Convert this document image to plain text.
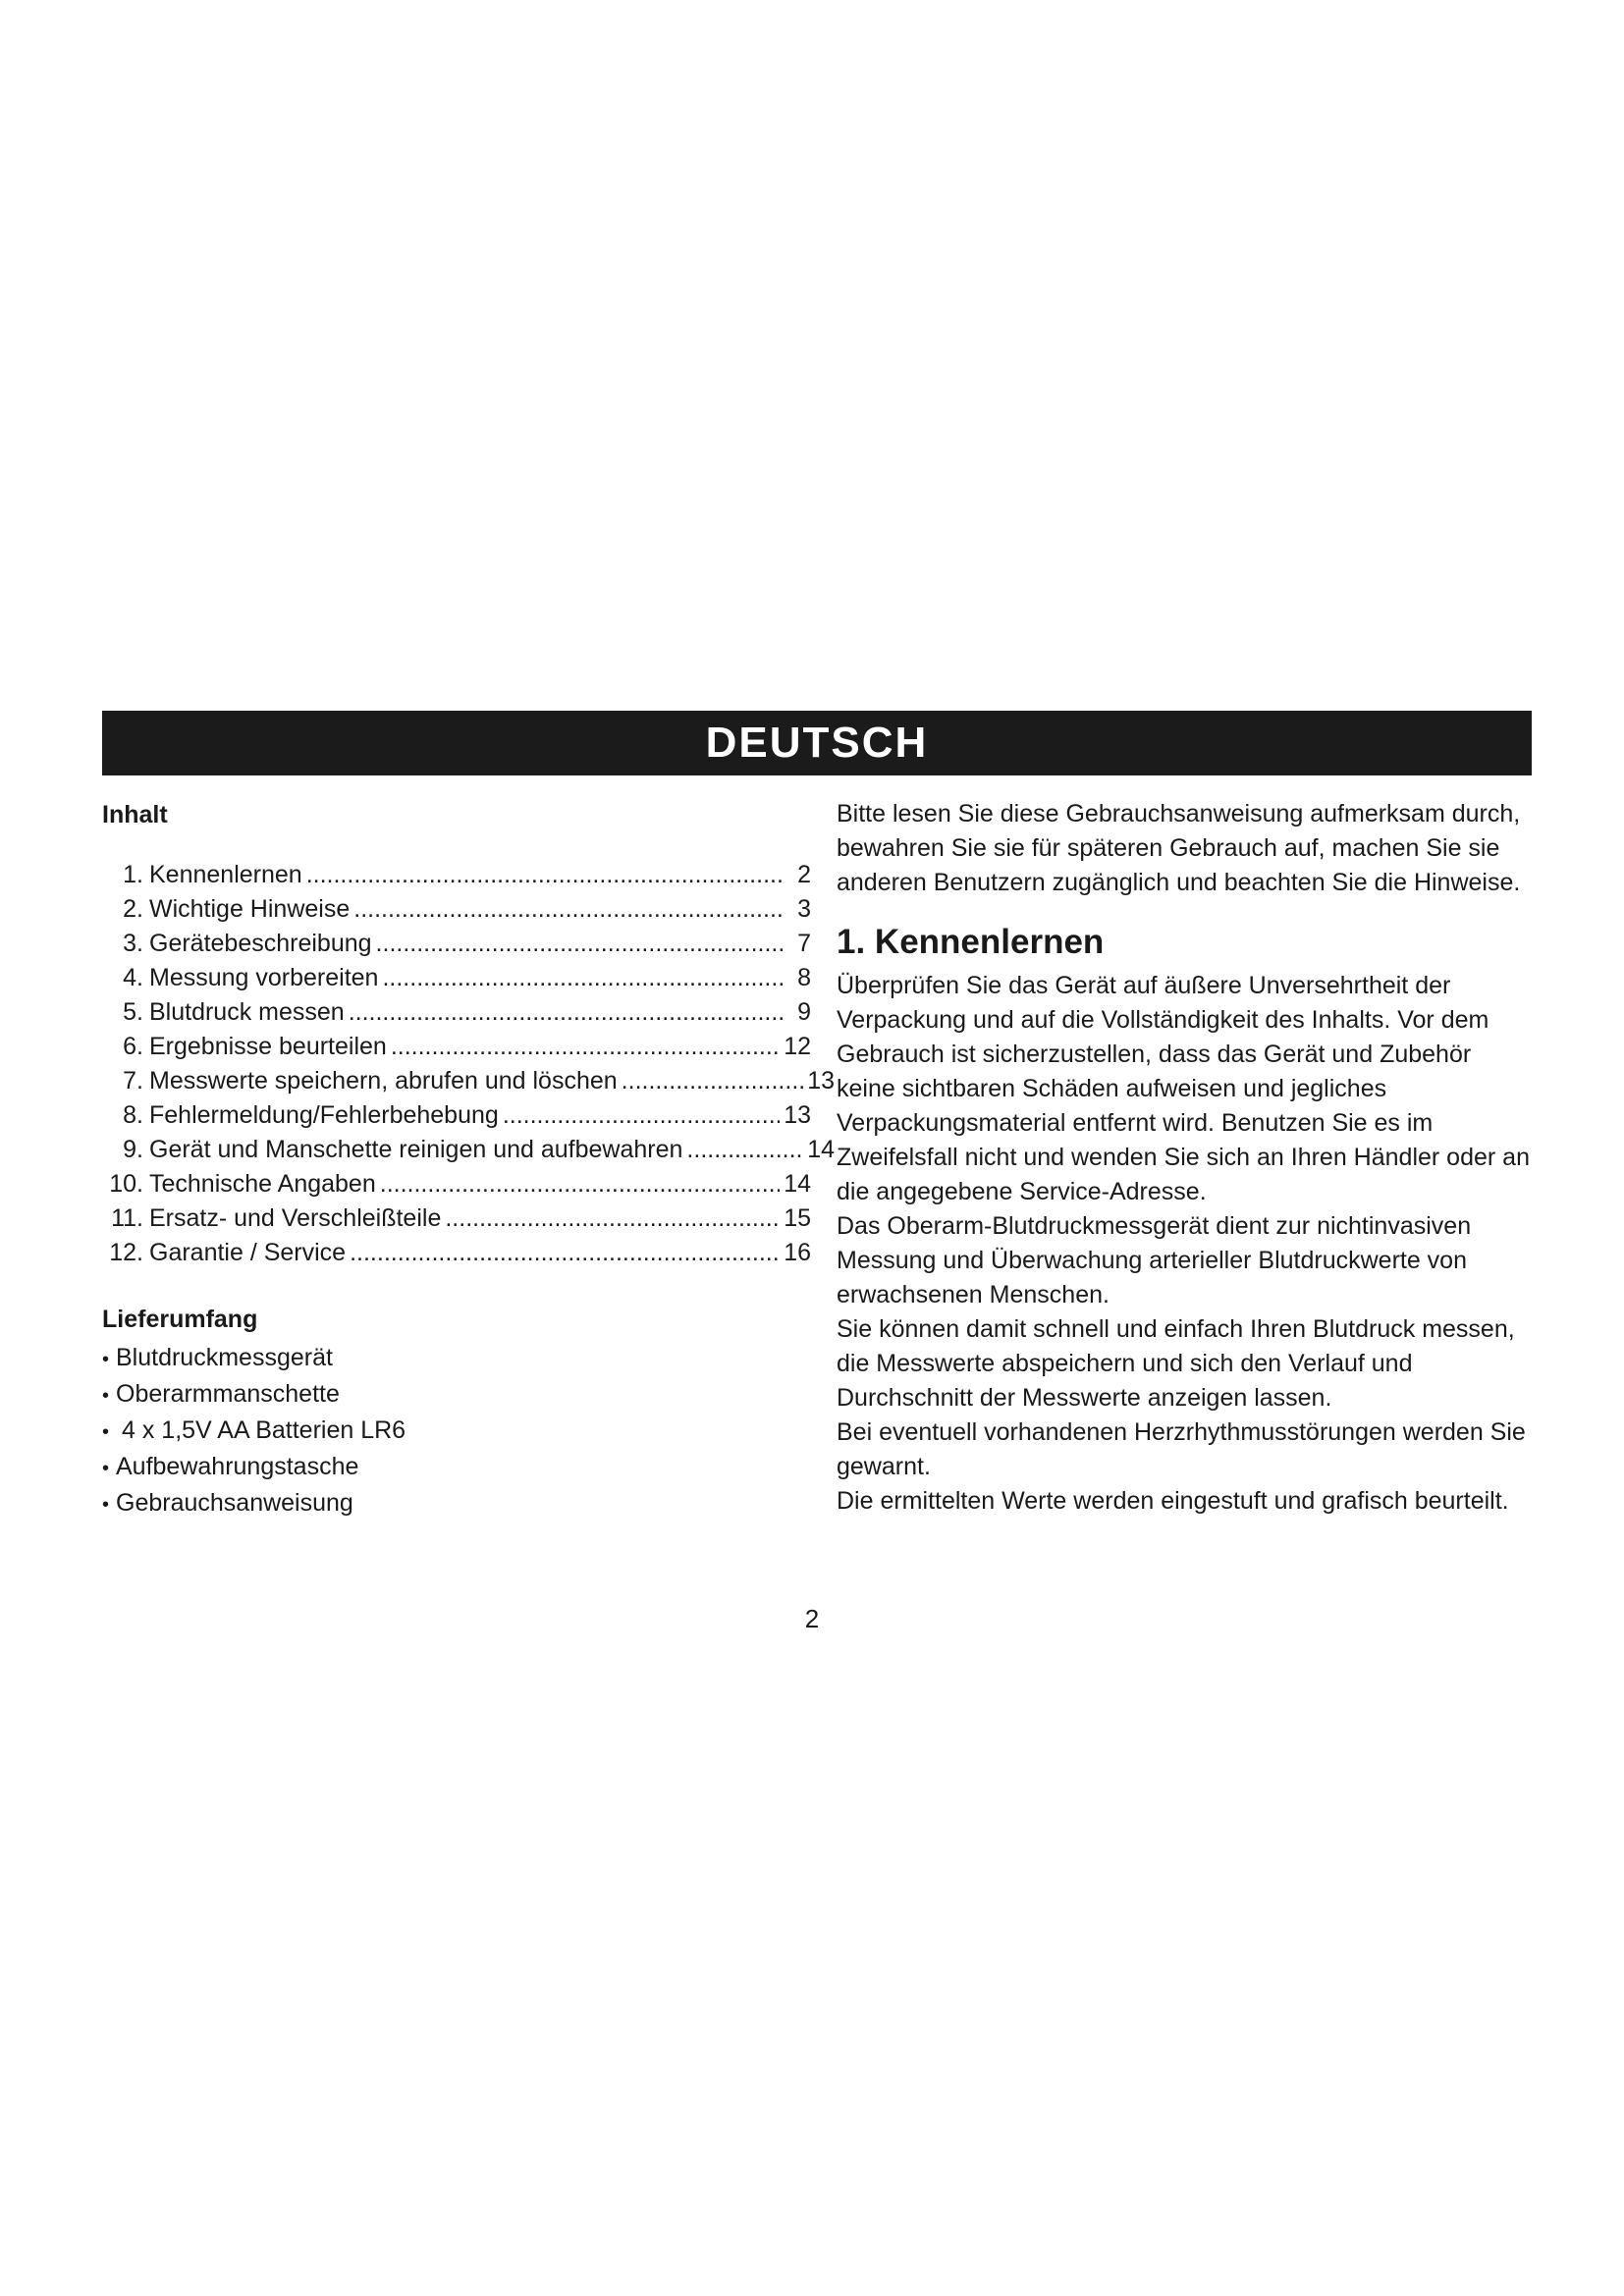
DEUTSCH
Inhalt
1. Kennenlernen .....	2
2. Wichtige Hinweise .....	3
3. Gerätebeschreibung .....	7
4. Messung vorbereiten .....	8
5. Blutdruck messen .....	9
6. Ergebnisse beurteilen .....	12
7. Messwerte speichern, abrufen und löschen .....	13
8. Fehlermeldung/Fehlerbehebung .....	13
9. Gerät und Manschette reinigen und aufbewahren .....	14
10. Technische Angaben .....	14
11. Ersatz- und Verschleißteile .....	15
12. Garantie / Service .....	16
Lieferumfang
• Blutdruckmessgerät
• Oberarmmanschette
• 4 x 1,5V AA Batterien LR6
• Aufbewahrungstasche
• Gebrauchsanweisung

Bitte lesen Sie diese Gebrauchsanweisung aufmerksam durch, bewahren Sie sie für späteren Gebrauch auf, machen Sie sie anderen Benutzern zugänglich und beachten Sie die Hinweise.

1. Kennenlernen

Überprüfen Sie das Gerät auf äußere Unversehrtheit der Verpackung und auf die Vollständigkeit des Inhalts. Vor dem Gebrauch ist sicherzustellen, dass das Gerät und Zubehör keine sichtbaren Schäden aufweisen und jegliches Verpackungsmaterial entfernt wird. Benutzen Sie es im Zweifelsfall nicht und wenden Sie sich an Ihren Händler oder an die angegebene Service-Adresse.

Das Oberarm-Blutdruckmessgerät dient zur nichtinvasiven Messung und Überwachung arterieller Blutdruckwerte von erwachsenen Menschen.

Sie können damit schnell und einfach Ihren Blutdruck messen, die Messwerte abspeichern und sich den Verlauf und Durchschnitt der Messwerte anzeigen lassen.

Bei eventuell vorhandenen Herzrhythmusstörungen werden Sie gewarnt.

Die ermittelten Werte werden eingestuft und grafisch beurteilt.

2
